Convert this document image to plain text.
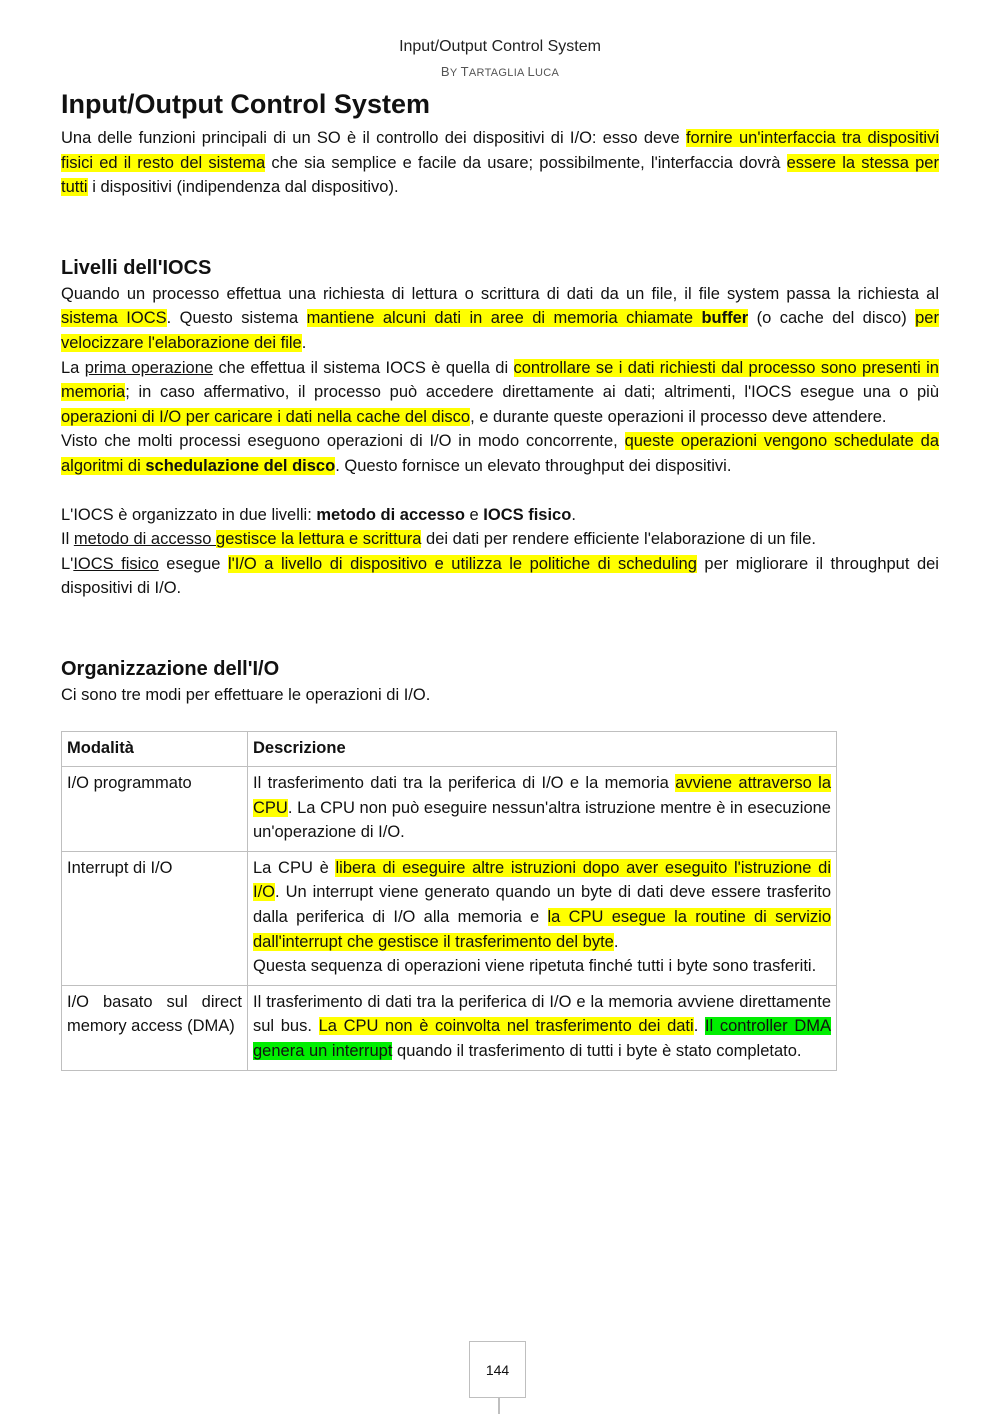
Input/Output Control System
BY TARTAGLIA LUCA
Input/Output Control System

Una delle funzioni principali di un SO è il controllo dei dispositivi di I/O: esso deve fornire un'interfaccia tra dispositivi fisici ed il resto del sistema che sia semplice e facile da usare; possibilmente, l'interfaccia dovrà essere la stessa per tutti i dispositivi (indipendenza dal dispositivo).

Livelli dell'IOCS

Quando un processo effettua una richiesta di lettura o scrittura di dati da un file, il file system passa la richiesta al sistema IOCS. Questo sistema mantiene alcuni dati in aree di memoria chiamate buffer (o cache del disco) per velocizzare l'elaborazione dei file.

La prima operazione che effettua il sistema IOCS è quella di controllare se i dati richiesti dal processo sono presenti in memoria; in caso affermativo, il processo può accedere direttamente ai dati; altrimenti, l'IOCS esegue una o più operazioni di I/O per caricare i dati nella cache del disco, e durante queste operazioni il processo deve attendere.

Visto che molti processi eseguono operazioni di I/O in modo concorrente, queste operazioni vengono schedulate da algoritmi di schedulazione del disco. Questo fornisce un elevato throughput dei dispositivi.

L'IOCS è organizzato in due livelli: metodo di accesso e IOCS fisico.

Il metodo di accesso gestisce la lettura e scrittura dei dati per rendere efficiente l'elaborazione di un file.

L'IOCS fisico esegue l'I/O a livello di dispositivo e utilizza le politiche di scheduling per migliorare il throughput dei dispositivi di I/O.

Organizzazione dell'I/O

Ci sono tre modi per effettuare le operazioni di I/O.

Modalità	Descrizione
I/O programmato	Il trasferimento dati tra la periferica di I/O e la memoria avviene attraverso la CPU. La CPU non può eseguire nessun'altra istruzione mentre è in esecuzione un'operazione di I/O.
Interrupt di I/O	La CPU è libera di eseguire altre istruzioni dopo aver eseguito l'istruzione di I/O. Un interrupt viene generato quando un byte di dati deve essere trasferito dalla periferica di I/O alla memoria e la CPU esegue la routine di servizio dall'interrupt che gestisce il trasferimento del byte.
Questa sequenza di operazioni viene ripetuta finché tutti i byte sono trasferiti.
I/O basato sul direct memory access (DMA)	Il trasferimento di dati tra la periferica di I/O e la memoria avviene direttamente sul bus. La CPU non è coinvolta nel trasferimento dei dati. Il controller DMA genera un interrupt quando il trasferimento di tutti i byte è stato completato.
144
